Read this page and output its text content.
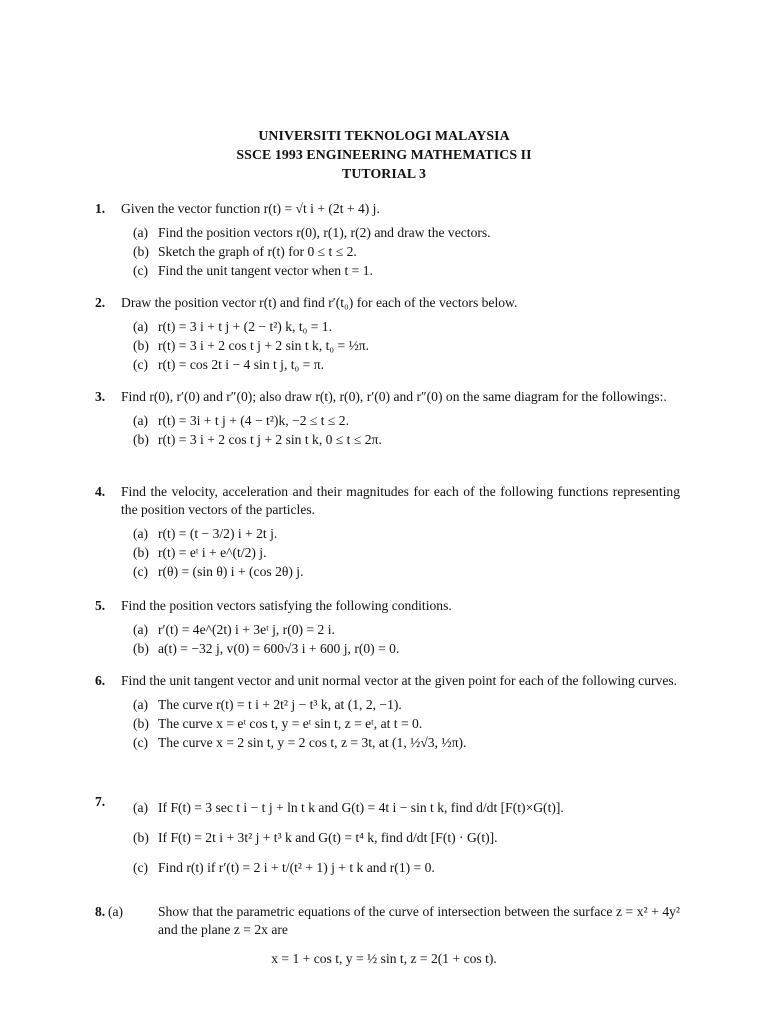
UNIVERSITI TEKNOLOGI MALAYSIA
SSCE 1993 ENGINEERING MATHEMATICS II
TUTORIAL 3
1. Given the vector function r(t) = √t i + (2t + 4) j.
(a) Find the position vectors r(0), r(1), r(2) and draw the vectors.
(b) Sketch the graph of r(t) for 0 ≤ t ≤ 2.
(c) Find the unit tangent vector when t = 1.
2. Draw the position vector r(t) and find r′(t₀) for each of the vectors below.
(a) r(t) = 3 i + t j + (2 − t²) k, t₀ = 1.
(b) r(t) = 3 i + 2 cos t j + 2 sin t k, t₀ = ½π.
(c) r(t) = cos 2t i − 4 sin t j, t₀ = π.
3. Find r(0), r′(0) and r″(0); also draw r(t), r(0), r′(0) and r″(0) on the same diagram for the followings:.
(a) r(t) = 3i + t j + (4 − t²)k, −2 ≤ t ≤ 2.
(b) r(t) = 3 i + 2 cos t j + 2 sin t k, 0 ≤ t ≤ 2π.
4. Find the velocity, acceleration and their magnitudes for each of the following functions representing the position vectors of the particles.
(a) r(t) = (t − 3/2) i + 2t j.
(b) r(t) = eᵗ i + e^(t/2) j.
(c) r(θ) = (sin θ) i + (cos 2θ) j.
5. Find the position vectors satisfying the following conditions.
(a) r′(t) = 4e^(2t) i + 3eᵗ j, r(0) = 2 i.
(b) a(t) = −32 j, v(0) = 600√3 i + 600 j, r(0) = 0.
6. Find the unit tangent vector and unit normal vector at the given point for each of the following curves.
(a) The curve r(t) = t i + 2t² j − t³ k, at (1, 2, −1).
(b) The curve x = eᵗ cos t, y = eᵗ sin t, z = eᵗ, at t = 0.
(c) The curve x = 2 sin t, y = 2 cos t, z = 3t, at (1, ½√3, ½π).
7. (a) If F(t) = 3 sec t i − t j + ln t k and G(t) = 4t i − sin t k, find d/dt [F(t)×G(t)].
(b) If F(t) = 2t i + 3t² j + t³ k and G(t) = t⁴ k, find d/dt [F(t) · G(t)].
(c) Find r(t) if r′(t) = 2 i + t/(t² + 1) j + t k and r(1) = 0.
8. (a)	Show that the parametric equations of the curve of intersection between the surface z = x² + 4y² and the plane z = 2x are
x = 1 + cos t, y = ½ sin t, z = 2(1 + cos t).
